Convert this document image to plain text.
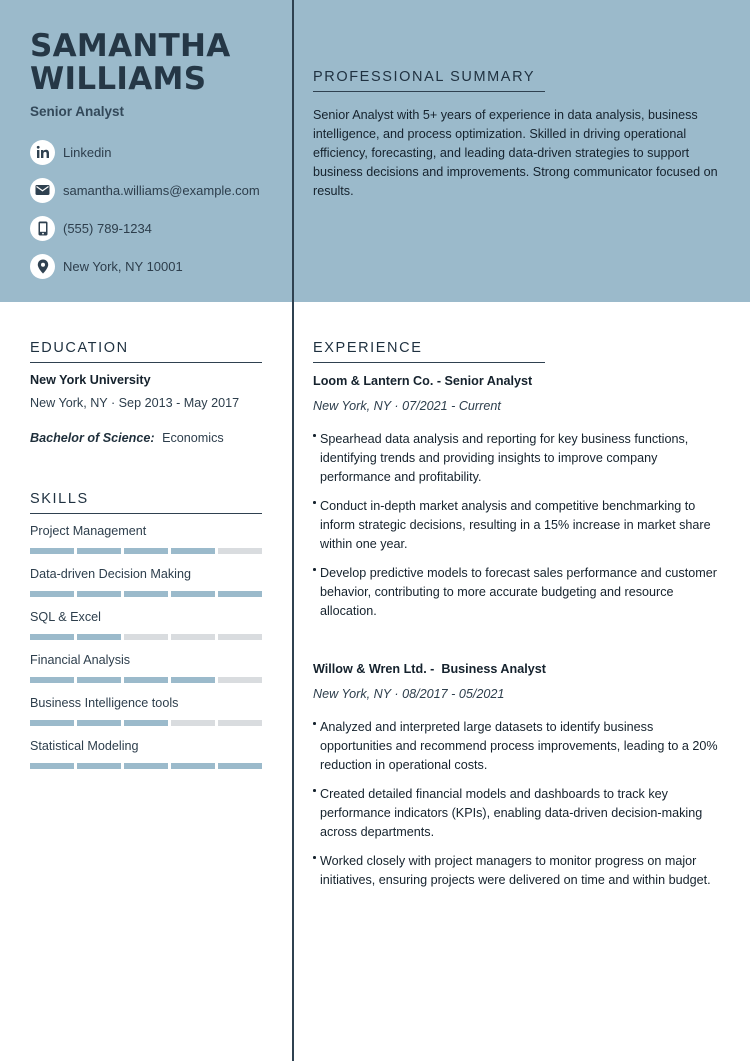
SAMANTHA
WILLIAMS
Senior Analyst
Linkedin
samantha.williams@example.com
(555) 789-1234
New York, NY 10001
PROFESSIONAL SUMMARY
Senior Analyst with 5+ years of experience in data analysis, business intelligence, and process optimization. Skilled in driving operational efficiency, forecasting, and leading data-driven strategies to support business decisions and improvements. Strong communicator focused on results.
EDUCATION
New York University
New York, NY · Sep 2013 - May 2017
Bachelor of Science: Economics
SKILLS
Project Management
Data-driven Decision Making
SQL & Excel
Financial Analysis
Business Intelligence tools
Statistical Modeling
EXPERIENCE
Loom & Lantern Co. - Senior Analyst
New York, NY · 07/2021 - Current
Spearhead data analysis and reporting for key business functions, identifying trends and providing insights to improve company performance and profitability.
Conduct in-depth market analysis and competitive benchmarking to inform strategic decisions, resulting in a 15% increase in market share within one year.
Develop predictive models to forecast sales performance and customer behavior, contributing to more accurate budgeting and resource allocation.
Willow & Wren Ltd. -  Business Analyst
New York, NY · 08/2017 - 05/2021
Analyzed and interpreted large datasets to identify business opportunities and recommend process improvements, leading to a 20% reduction in operational costs.
Created detailed financial models and dashboards to track key performance indicators (KPIs), enabling data-driven decision-making across departments.
Worked closely with project managers to monitor progress on major initiatives, ensuring projects were delivered on time and within budget.
